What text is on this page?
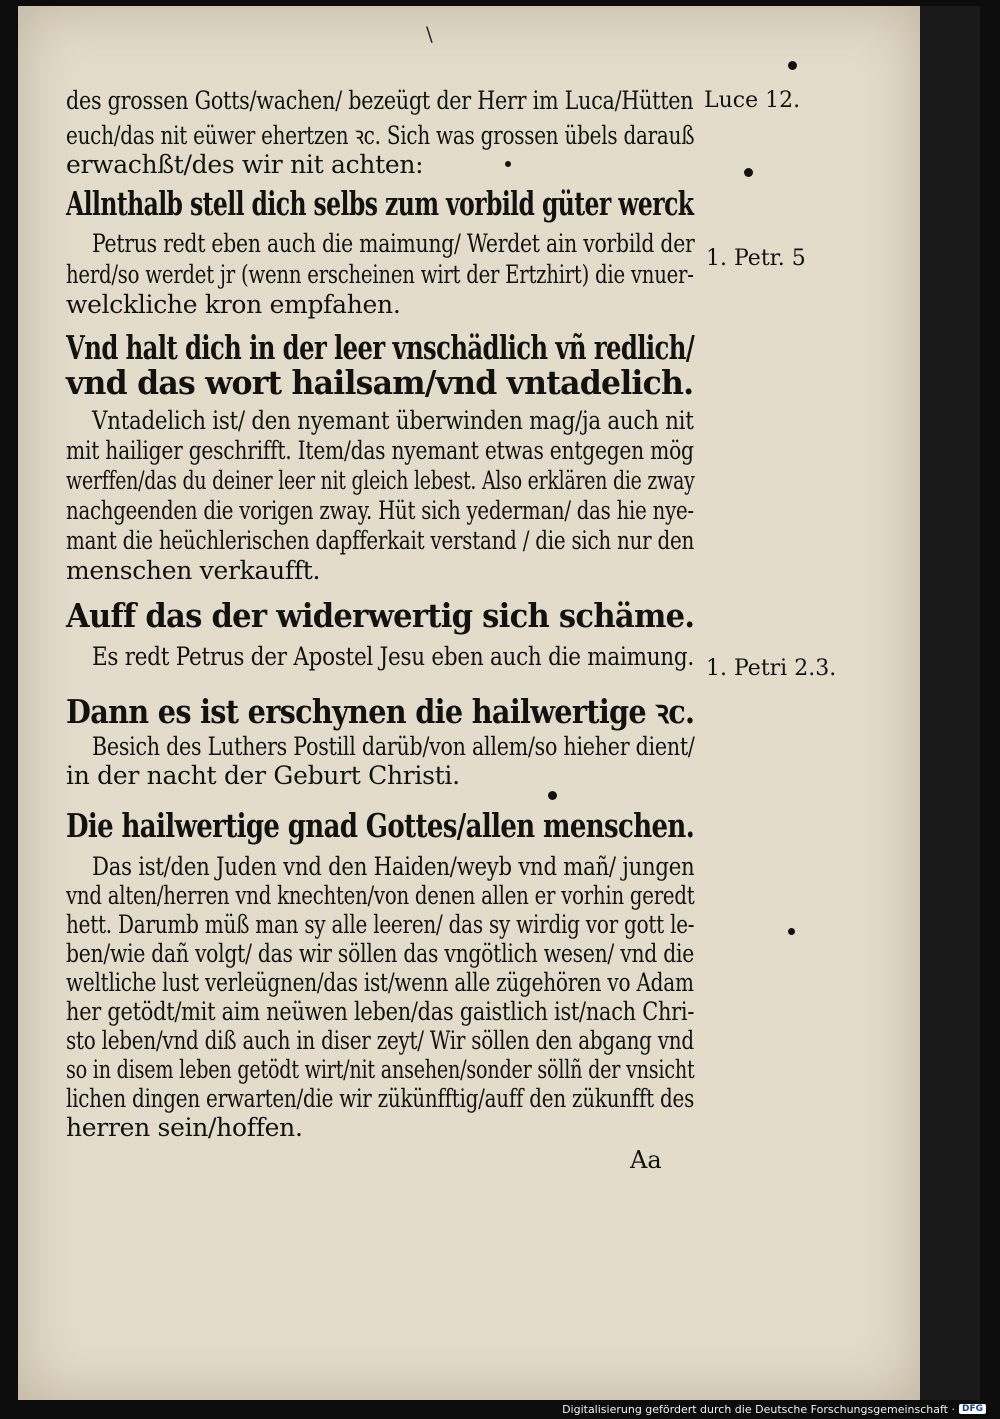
\
des grossen Gotts/wachen/ bezeügt der Herr im Luca/Hütten
euch/das nit eüwer ehertzen ꝛc. Sich was grossen übels darauß
erwachßt/des wir nit achten:
Allnthalb stell dich selbs zum vorbild güter werck
Petrus redt eben auch die maimung/ Werdet ain vorbild der
herd/so werdet jr (wenn erscheinen wirt der Ertzhirt) die vnuer-
welckliche kron empfahen.
Vnd halt dich in der leer vnschädlich vñ redlich/
vnd das wort hailsam/vnd vntadelich.
Vntadelich ist/ den nyemant überwinden mag/ja auch nit
mit hailiger geschrifft. Item/das nyemant etwas entgegen mög
werffen/das du deiner leer nit gleich lebest. Also erklären die zway
nachgeenden die vorigen zway. Hüt sich yederman/ das hie nye-
mant die heüchlerischen dapfferkait verstand / die sich nur den
menschen verkaufft.
Auff das der widerwertig sich schäme.
Es redt Petrus der Apostel Jesu eben auch die maimung.
Dann es ist erschynen die hailwertige ꝛc.
Besich des Luthers Postill darüb/von allem/so hieher dient/
in der nacht der Geburt Christi.
Die hailwertige gnad Gottes/allen menschen.
Das ist/den Juden vnd den Haiden/weyb vnd mañ/ jungen
vnd alten/herren vnd knechten/von denen allen er vorhin geredt
hett. Darumb müß man sy alle leeren/ das sy wirdig vor gott le-
ben/wie dañ volgt/ das wir söllen das vngötlich wesen/ vnd die
weltliche lust verleügnen/das ist/wenn alle zügehören vo Adam
her getödt/mit aim neüwen leben/das gaistlich ist/nach Chri-
sto leben/vnd diß auch in diser zeyt/ Wir söllen den abgang vnd
so in disem leben getödt wirt/nit ansehen/sonder söllñ der vnsicht
lichen dingen erwarten/die wir zükünfftig/auff den zükunfft des
herren sein/hoffen.
Luce 12.
1. Petr. 5
1. Petri 2.3.
Aa
Digitalisierung gefördert durch die Deutsche Forschungsgemeinschaft · DFG
